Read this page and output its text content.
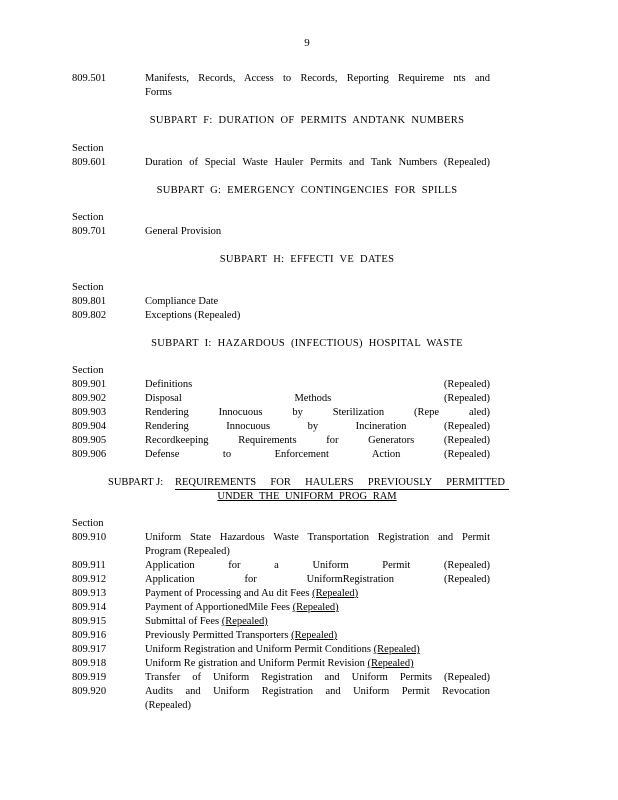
9
809.501	Manifests, Records, Access to Records, Reporting Requireme nts and
Forms
SUBPART F: DURATION OF PERMITS ANDTANK NUMBERS
Section
809.601	Duration of Special Waste Hauler Permits and Tank Numbers (Repealed)
SUBPART G: EMERGENCY CONTINGENCIES FOR SPILLS
Section
809.701	General Provision
SUBPART H: EFFECTI VE DATES
Section
SUBPART I: HAZARDOUS (INFECTIOUS) HOSPITAL WASTE
Section
SUBPART J: REQUIREMENTS FOR HAULERS PREVIOUSLY PERMITTED
UNDER THE UNIFORM PROG RAM
Section
809.801	Compliance Date
809.802	Exceptions (Repealed)
809.901	Definitions (Repealed)
809.902	Disposal Methods (Repealed)
809.903	Rendering Innocuous by Sterilization (Repe aled)
809.904	Rendering Innocuous by Incineration (Repealed)
809.905	Recordkeeping Requirements for Generators (Repealed)
809.906	Defense to Enforcement Action (Repealed)
809.910	Uniform State Hazardous Waste Transportation Registration and Permit
Program (Repealed)
809.911	Application for a Uniform Permit (Repealed)
809.912	Application for UniformRegistration (Repealed)
809.913	Payment of Processing and Au dit Fees (Repealed)
809.914	Payment of ApportionedMile Fees (Repealed)
809.915	Submittal of Fees (Repealed)
809.916	Previously Permitted Transporters (Repealed)
809.917	Uniform Registration and Uniform Permit Conditions (Repealed)
809.918	Uniform Re gistration and Uniform Permit Revision (Repealed)
809.919	Transfer of Uniform Registration and Uniform Permits (Repealed)
809.920	Audits and Uniform Registration and Uniform Permit Revocation
(Repealed)
